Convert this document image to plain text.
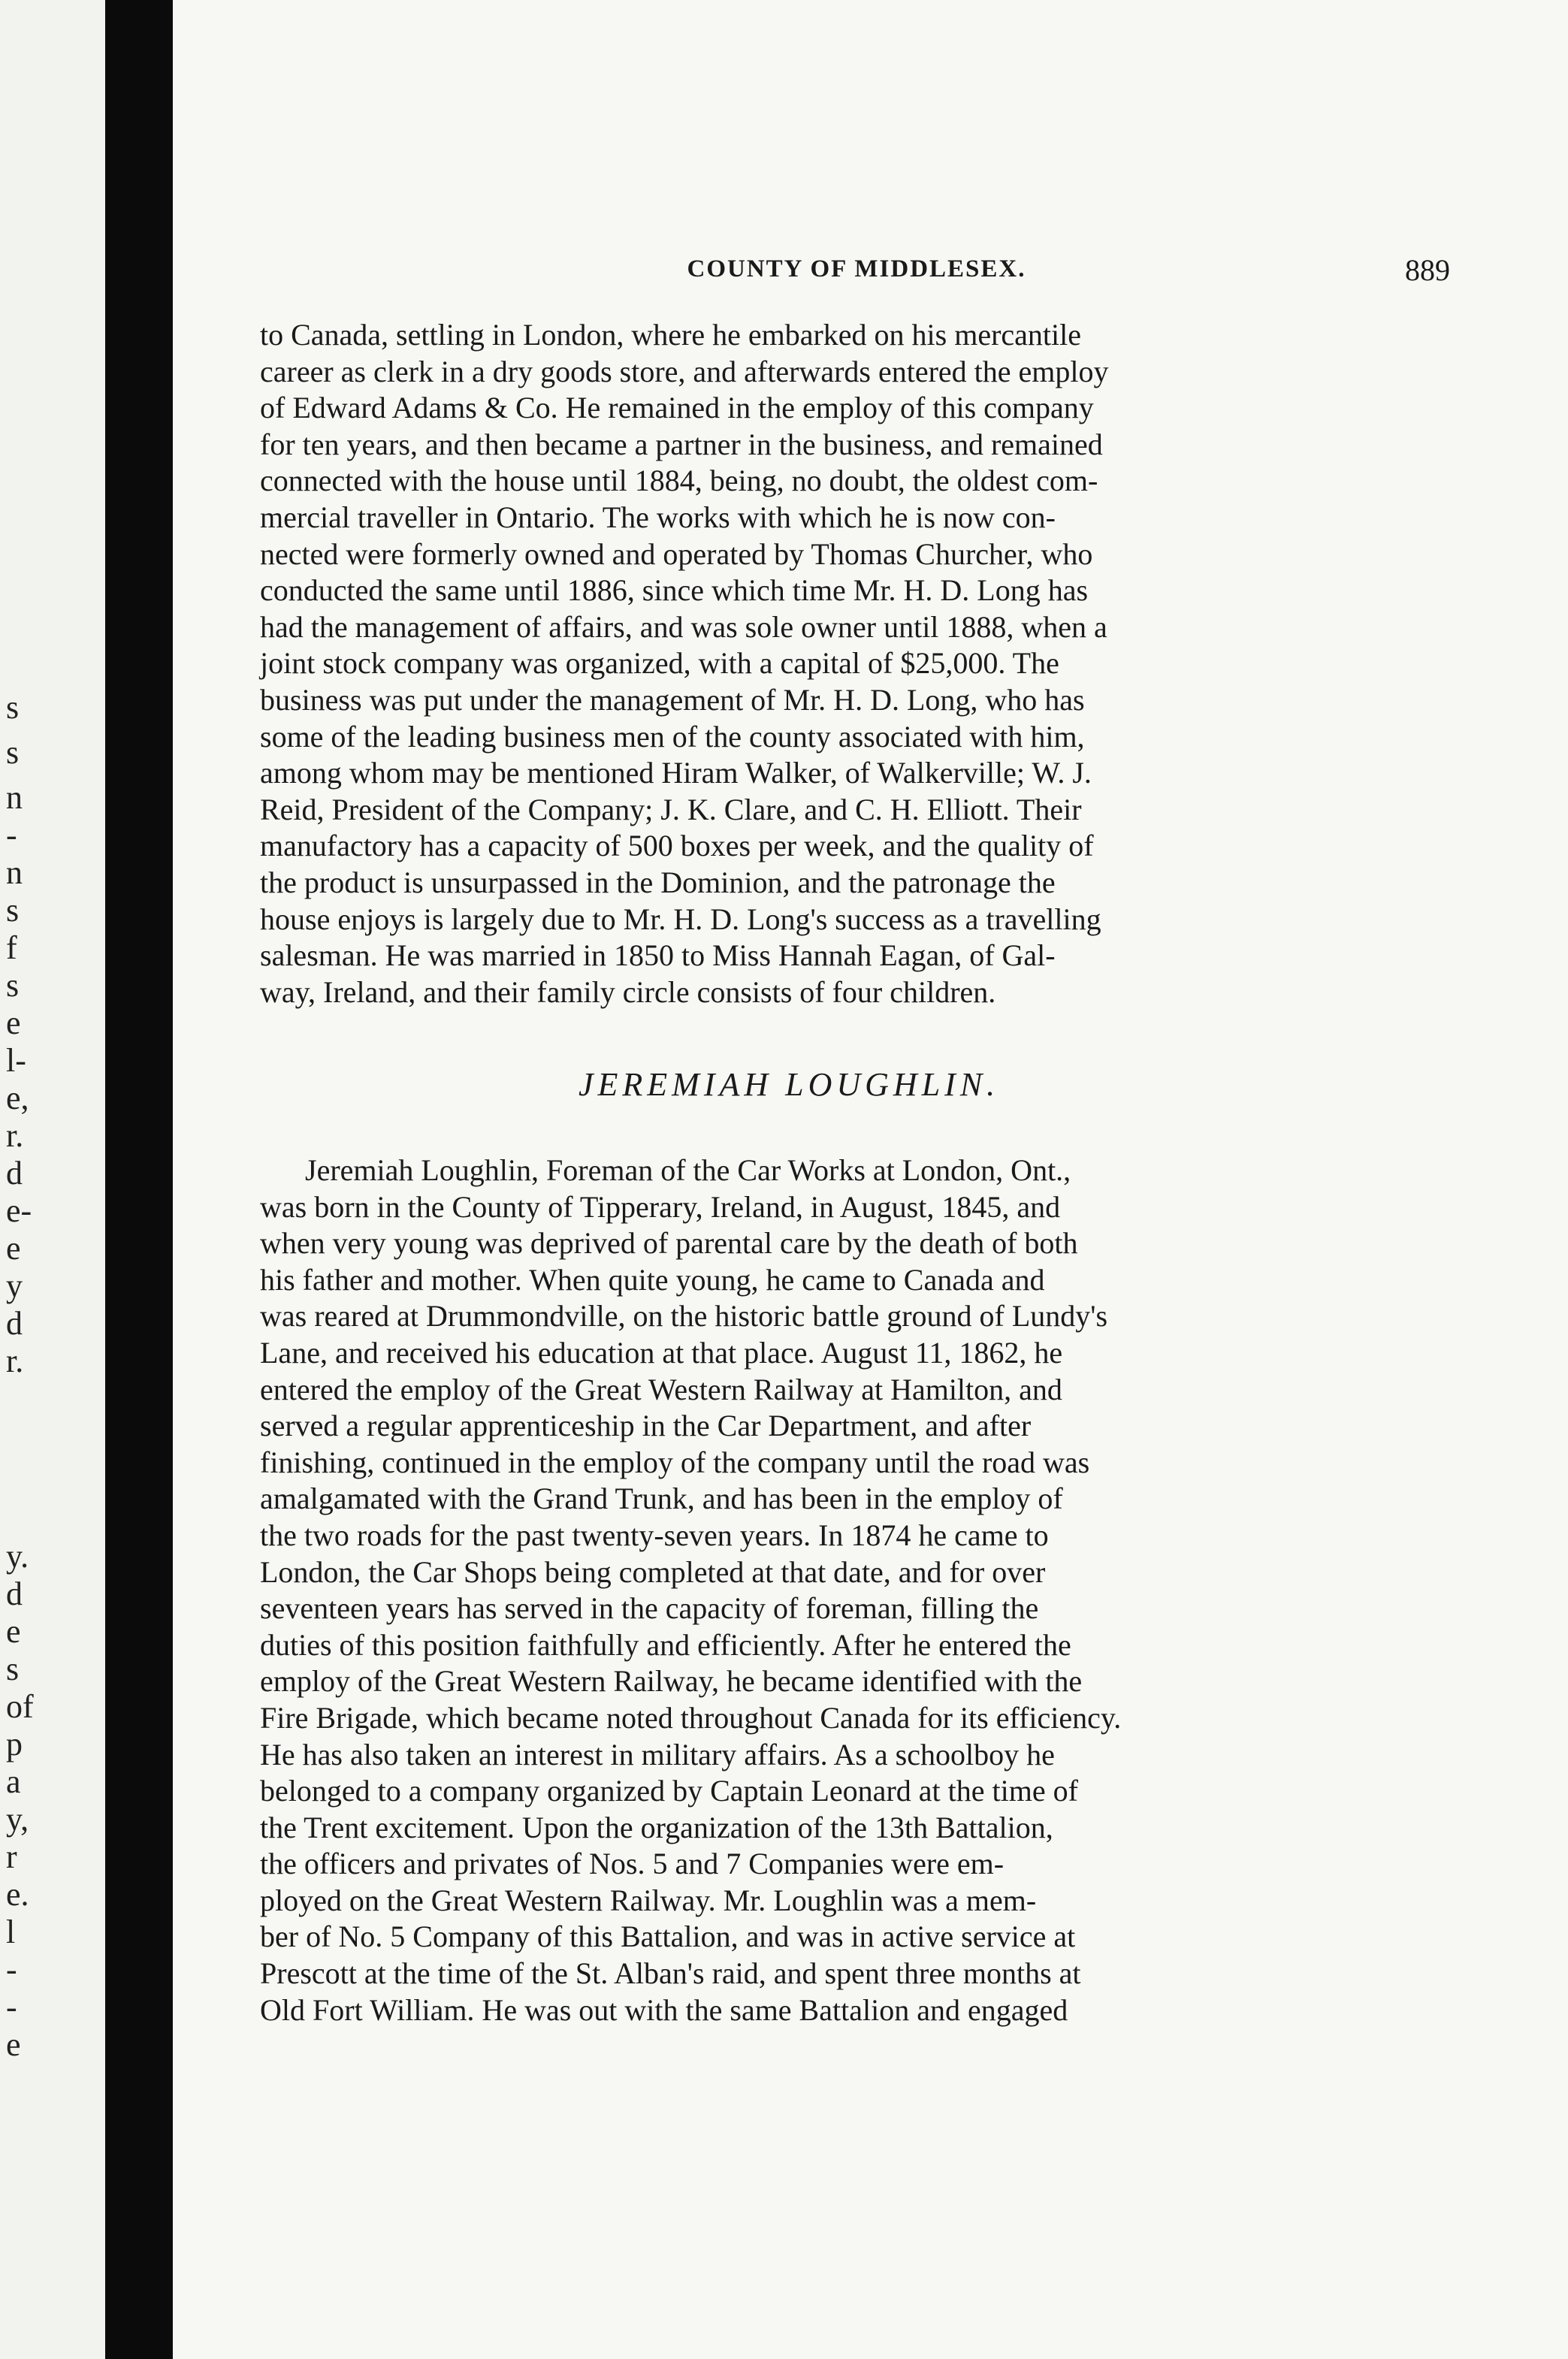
s
s
n
-
n
s
f
s
e
l-
e,
r.
d
e-
e
y
d
r.
y.
d
e
s
of
p
a
y,
r
e.
l
-
-
e
COUNTY OF MIDDLESEX.	889

to Canada, settling in London, where he embarked on his mercantile
career as clerk in a dry goods store, and afterwards entered the employ
of Edward Adams & Co. He remained in the employ of this company
for ten years, and then became a partner in the business, and remained
connected with the house until 1884, being, no doubt, the oldest com-
mercial traveller in Ontario. The works with which he is now con-
nected were formerly owned and operated by Thomas Churcher, who
conducted the same until 1886, since which time Mr. H. D. Long has
had the management of affairs, and was sole owner until 1888, when a
joint stock company was organized, with a capital of $25,000. The
business was put under the management of Mr. H. D. Long, who has
some of the leading business men of the county associated with him,
among whom may be mentioned Hiram Walker, of Walkerville; W. J.
Reid, President of the Company; J. K. Clare, and C. H. Elliott. Their
manufactory has a capacity of 500 boxes per week, and the quality of
the product is unsurpassed in the Dominion, and the patronage the
house enjoys is largely due to Mr. H. D. Long's success as a travelling
salesman. He was married in 1850 to Miss Hannah Eagan, of Gal-
way, Ireland, and their family circle consists of four children.

JEREMIAH LOUGHLIN.

Jeremiah Loughlin, Foreman of the Car Works at London, Ont.,
was born in the County of Tipperary, Ireland, in August, 1845, and
when very young was deprived of parental care by the death of both
his father and mother. When quite young, he came to Canada and
was reared at Drummondville, on the historic battle ground of Lundy's
Lane, and received his education at that place. August 11, 1862, he
entered the employ of the Great Western Railway at Hamilton, and
served a regular apprenticeship in the Car Department, and after
finishing, continued in the employ of the company until the road was
amalgamated with the Grand Trunk, and has been in the employ of
the two roads for the past twenty-seven years. In 1874 he came to
London, the Car Shops being completed at that date, and for over
seventeen years has served in the capacity of foreman, filling the
duties of this position faithfully and efficiently. After he entered the
employ of the Great Western Railway, he became identified with the
Fire Brigade, which became noted throughout Canada for its efficiency.
He has also taken an interest in military affairs. As a schoolboy he
belonged to a company organized by Captain Leonard at the time of
the Trent excitement. Upon the organization of the 13th Battalion,
the officers and privates of Nos. 5 and 7 Companies were em-
ployed on the Great Western Railway. Mr. Loughlin was a mem-
ber of No. 5 Company of this Battalion, and was in active service at
Prescott at the time of the St. Alban's raid, and spent three months at
Old Fort William. He was out with the same Battalion and engaged
